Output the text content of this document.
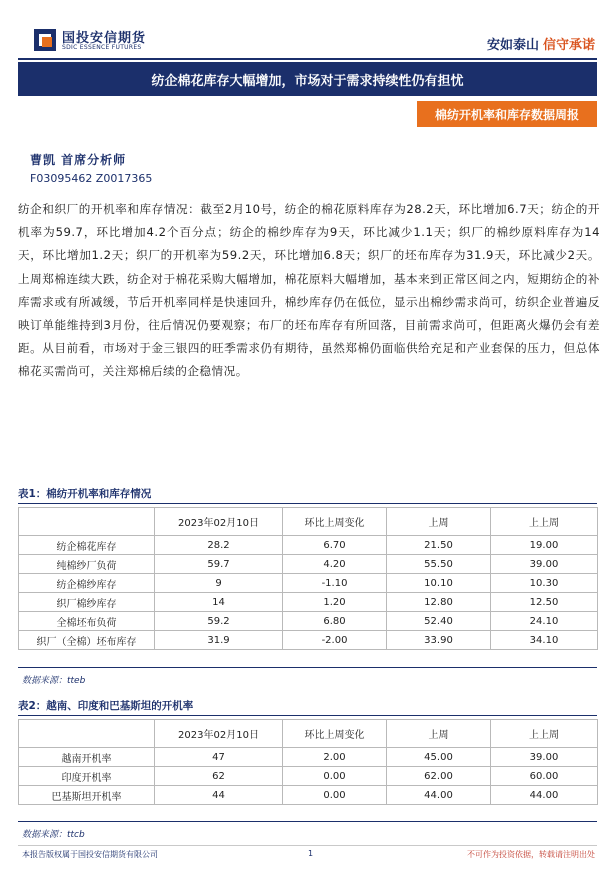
国投安信期货
SDIC ESSENCE FUTURES	安如泰山 信守承诺
纺企棉花库存大幅增加，市场对于需求持续性仍有担忧
棉纺开机率和库存数据周报
曹凯 首席分析师
F03095462 Z0017365

纺企和织厂的开机率和库存情况：截至2月10号，纺企的棉花原料库存为28.2天，环比增加6.7天；纺企的开机率为59.7，环比增加4.2个百分点；纺企的棉纱库存为9天，环比减少1.1天；织厂的棉纱原料库存为14天，环比增加1.2天；织厂的开机率为59.2天，环比增加6.8天；织厂的坯布库存为31.9天，环比减少2天。上周郑棉连续大跌，纺企对于棉花采购大幅增加，棉花原料大幅增加，基本来到正常区间之内，短期纺企的补库需求或有所减缓，节后开机率同样是快速回升，棉纱库存仍在低位，显示出棉纱需求尚可，纺织企业普遍反映订单能维持到3月份，往后情况仍要观察；布厂的坯布库存有所回落，目前需求尚可，但距离火爆仍会有差距。从目前看，市场对于金三银四的旺季需求仍有期待，虽然郑棉仍面临供给充足和产业套保的压力，但总体棉花买需尚可，关注郑棉后续的企稳情况。

表1：棉纺开机率和库存情况
	2023年02月10日	环比上周变化	上周	上上周
纺企棉花库存	28.2	6.70	21.50	19.00
纯棉纱厂负荷	59.7	4.20	55.50	39.00
纺企棉纱库存	9	-1.10	10.10	10.30
织厂棉纱库存	14	1.20	12.80	12.50
全棉坯布负荷	59.2	6.80	52.40	24.10
织厂（全棉）坯布库存	31.9	-2.00	33.90	34.10
数据来源：tteb
表2：越南、印度和巴基斯坦的开机率
	2023年02月10日	环比上周变化	上周	上上周
越南开机率	47	2.00	45.00	39.00
印度开机率	62	0.00	62.00	60.00
巴基斯坦开机率	44	0.00	44.00	44.00
数据来源：ttcb
本报告版权属于国投安信期货有限公司	1	不可作为投资依据，转载请注明出处
